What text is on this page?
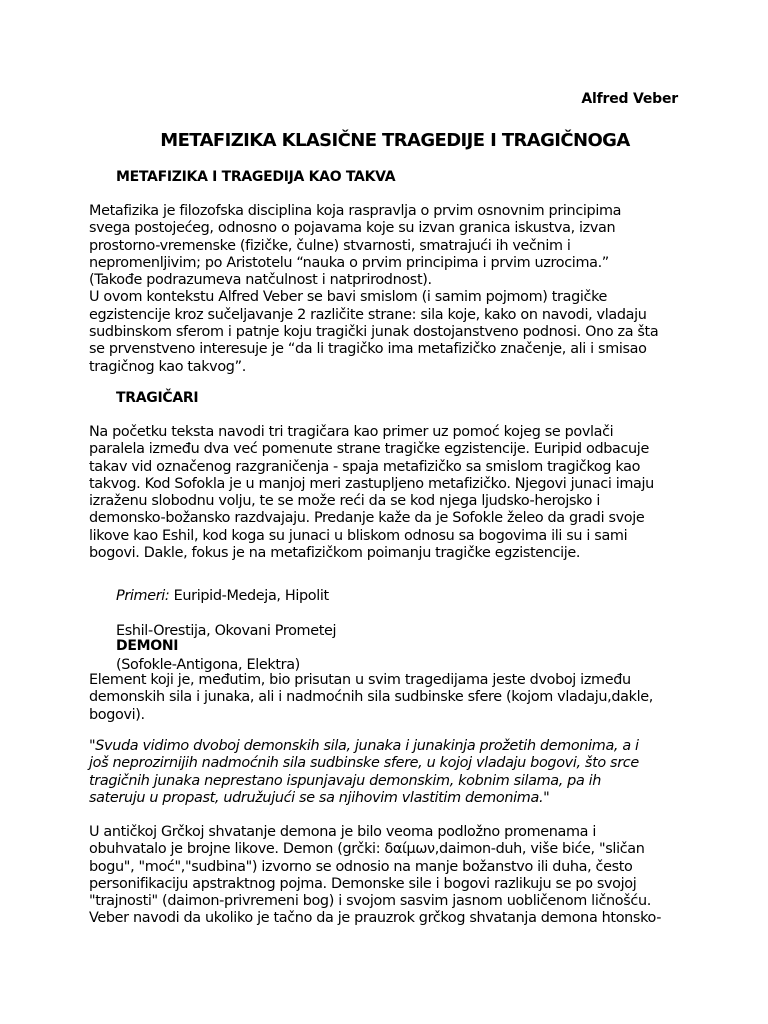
Alfred Veber
METAFIZIKA KLASIČNE TRAGEDIJE I TRAGIČNOGA
METAFIZIKA I TRAGEDIJA KAO TAKVA
Metafizika je filozofska disciplina koja raspravlja o prvim osnovnim principima
svega postojećeg, odnosno o pojavama koje su izvan granica iskustva, izvan
prostorno-vremenske (fizičke, čulne) stvarnosti, smatrajući ih večnim i
nepromenljivim; po Aristotelu “nauka o prvim principima i prvim uzrocima.”
(Takođe podrazumeva natčulnost i natprirodnost).
U ovom kontekstu Alfred Veber se bavi smislom (i samim pojmom) tragičke
egzistencije kroz sučeljavanje 2 različite strane: sila koje, kako on navodi, vladaju
sudbinskom sferom i patnje koju tragički junak dostojanstveno podnosi. Ono za šta
se prvenstveno interesuje je “da li tragičko ima metafizičko značenje, ali i smisao
tragičnog kao takvog”.
TRAGIČARI
Na početku teksta navodi tri tragičara kao primer uz pomoć kojeg se povlači
paralela između dva već pomenute strane tragičke egzistencije. Euripid odbacuje
takav vid označenog razgraničenja - spaja metafizičko sa smislom tragičkog kao
takvog. Kod Sofokla je u manjoj meri zastupljeno metafizičko. Njegovi junaci imaju
izraženu slobodnu volju, te se može reći da se kod njega ljudsko-herojsko i
demonsko-božansko razdvajaju. Predanje kaže da je Sofokle želeo da gradi svoje
likove kao Eshil, kod koga su junaci u bliskom odnosu sa bogovima ili su i sami
bogovi. Dakle, fokus je na metafizičkom poimanju tragičke egzistencije.

Primeri: Euripid-Medeja, Hipolit

Eshil-Orestija, Okovani Prometej

(Sofokle-Antigona, Elektra)

DEMONI
Element koji je, međutim, bio prisutan u svim tragedijama jeste dvoboj između
demonskih sila i junaka, ali i nadmoćnih sila sudbinske sfere (kojom vladaju,dakle,
bogovi).
"Svuda vidimo dvoboj demonskih sila, junaka i junakinja prožetih demonima, a i
još neprozirnijih nadmoćnih sila sudbinske sfere, u kojoj vladaju bogovi, što srce
tragičnih junaka neprestano ispunjavaju demonskim, kobnim silama, pa ih
sateruju u propast, udružujući se sa njihovim vlastitim demonima."
U antičkoj Grčkoj shvatanje demona je bilo veoma podložno promenama i
obuhvatalo je brojne likove. Demon (grčki: δαίμων,daimon-duh, više biće, "sličan
bogu", "moć","sudbina") izvorno se odnosio na manje božanstvo ili duha, često
personifikaciju apstraktnog pojma. Demonske sile i bogovi razlikuju se po svojoj
"trajnosti" (daimon-privremeni bog) i svojom sasvim jasnom uobličenom ličnošću.
Veber navodi da ukoliko je tačno da je prauzrok grčkog shvatanja demona htonsko-
